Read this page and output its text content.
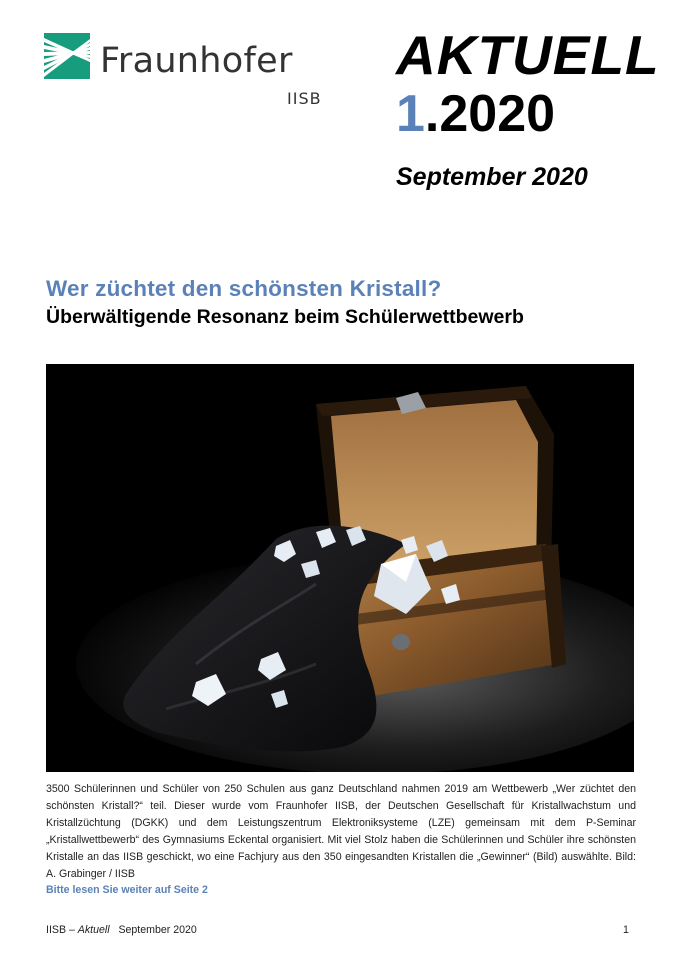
Fraunhofer
IISB
AKTUELL
1.2020
September 2020
Wer züchtet den schönsten Kristall?
Überwältigende Resonanz beim Schülerwettbewerb
3500 Schülerinnen und Schüler von 250 Schulen aus ganz Deutschland nahmen 2019 am Wettbewerb „Wer züchtet den schönsten Kristall?“ teil. Dieser wurde vom Fraunhofer IISB, der Deutschen Gesellschaft für Kristallwachstum und Kristallzüchtung (DGKK) und dem Leistungszentrum Elektroniksysteme (LZE) gemeinsam mit dem P-Seminar „Kristallwettbewerb“ des Gymnasiums Eckental organisiert. Mit viel Stolz haben die Schülerinnen und Schüler ihre schönsten Kristalle an das IISB geschickt, wo eine Fachjury aus den 350 eingesandten Kristallen die „Gewinner“ (Bild) auswählte. Bild: A. Grabinger / IISB
Bitte lesen Sie weiter auf Seite 2
IISB – Aktuell September 2020	1
